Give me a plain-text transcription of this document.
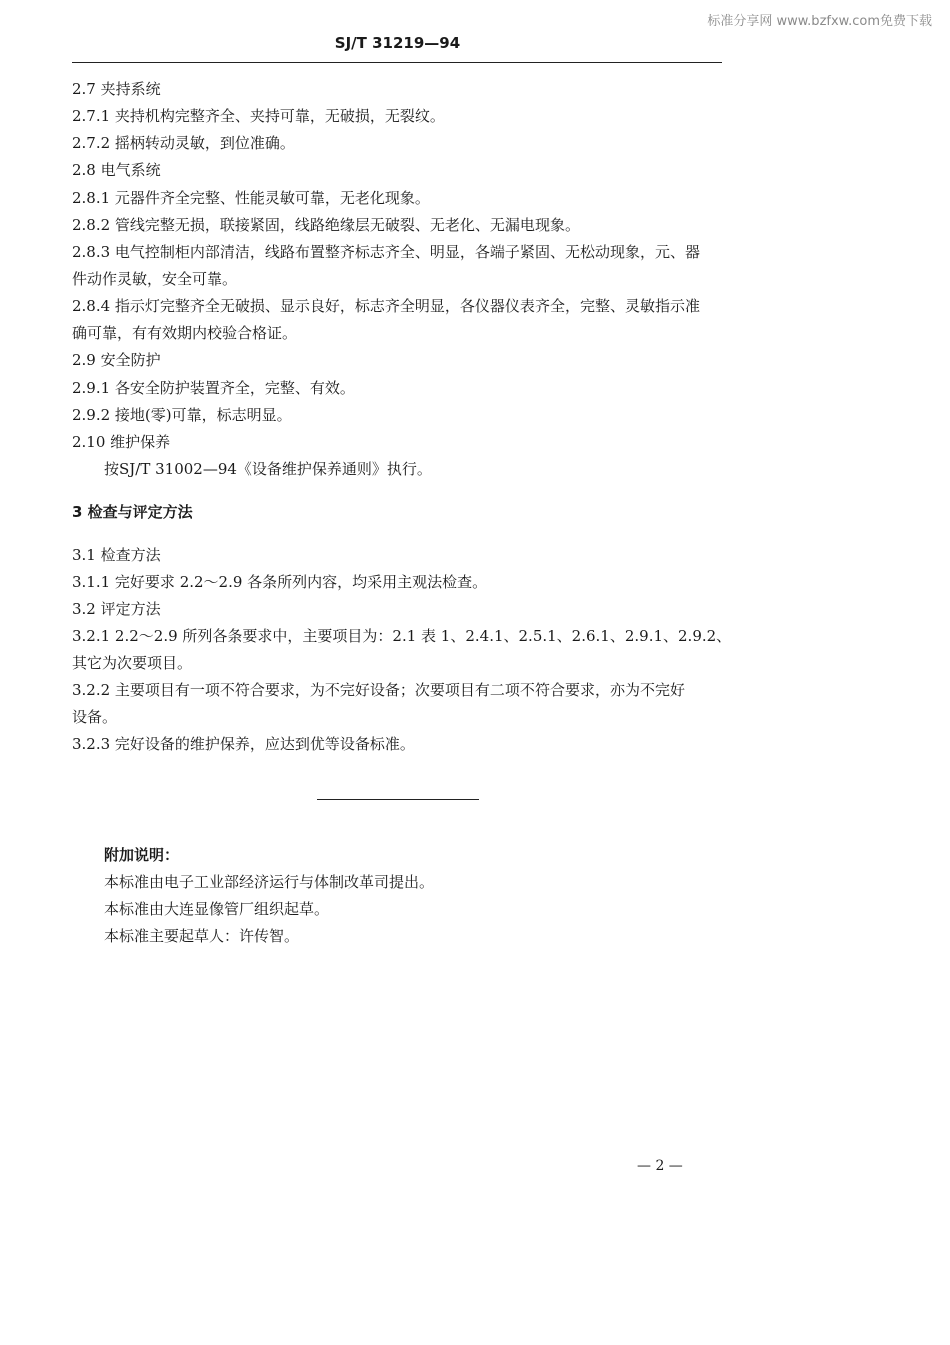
标准分享网 www.bzfxw.com免费下载
SJ/T 31219—94
2.7 夹持系统
2.7.1 夹持机构完整齐全、夹持可靠，无破损，无裂纹。
2.7.2 摇柄转动灵敏，到位准确。
2.8 电气系统
2.8.1 元器件齐全完整、性能灵敏可靠，无老化现象。
2.8.2 管线完整无损，联接紧固，线路绝缘层无破裂、无老化、无漏电现象。
2.8.3 电气控制柜内部清洁，线路布置整齐标志齐全、明显，各端子紧固、无松动现象，元、器
件动作灵敏，安全可靠。
2.8.4 指示灯完整齐全无破损、显示良好，标志齐全明显，各仪器仪表齐全，完整、灵敏指示准
确可靠，有有效期内校验合格证。
2.9 安全防护
2.9.1 各安全防护装置齐全，完整、有效。
2.9.2 接地(零)可靠，标志明显。
2.10 维护保养
按SJ/T 31002—94《设备维护保养通则》执行。
3 检查与评定方法
3.1 检查方法
3.1.1 完好要求 2.2～2.9 各条所列内容，均采用主观法检查。
3.2 评定方法
3.2.1 2.2～2.9 所列各条要求中，主要项目为：2.1 表 1、2.4.1、2.5.1、2.6.1、2.9.1、2.9.2、
其它为次要项目。
3.2.2 主要项目有一项不符合要求，为不完好设备；次要项目有二项不符合要求，亦为不完好
设备。
3.2.3 完好设备的维护保养，应达到优等设备标准。
附加说明：
本标准由电子工业部经济运行与体制改革司提出。
本标准由大连显像管厂组织起草。
本标准主要起草人：许传智。
— 2 —
